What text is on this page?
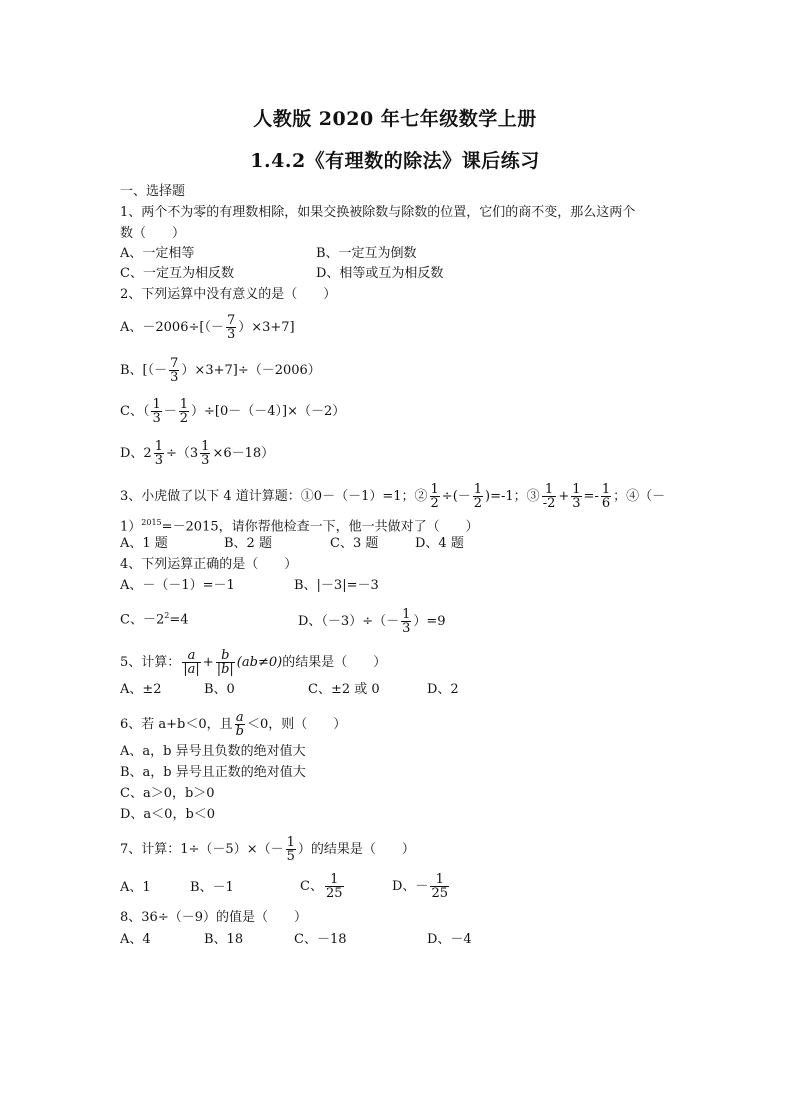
人教版 2020 年七年级数学上册
1.4.2《有理数的除法》课后练习
一、选择题
1、两个不为零的有理数相除，如果交换被除数与除数的位置，它们的商不变，那么这两个
数（　　）
A、一定相等	B、一定互为倒数
C、一定互为相反数	D、相等或互为相反数
2、下列运算中没有意义的是（　　）
A、$-2006\div[(- \frac{7}{3} )\times 3+7]$
B、[（－ $\frac{7}{3} )\times 3+7]\div(-2006)$
C、（ $\frac{1}{3} - \frac{1}{2} )\div[0-(-4)]\times(-2)$
D、$2 \frac{1}{3} \div(3 \frac{1}{3} \times 6-18)$
3、小虎做了以下 4 道计算题：①0－（－1）=1；② $\frac{1}{2}$ ÷(－ $\frac{1}{2} )=-1$；③ $\frac{1}{-2} + \frac{1}{3} =- \frac{1}{6}$ ；④（－
1）$^{2015}$=－2015，请你帮他检查一下，他一共做对了（　　）
A、1 题	B、2 题	C、3 题	D、4 题
4、下列运算正确的是（　　）
A、－（－1）=－1	B、|－3|=－3
C、$-2^2=4$	D、$(-3)\div(- \frac{1}{3} )=9$
5、计算： $\frac{a}{|a|} + \frac{b}{|b|} (ab\ne 0)$的结果是（　　）
A、±2	B、0	C、±2 或 0	D、2
6、若 a+b＜0，且 $\frac{a}{b} <0$，则（　　）
A、a，b 异号且负数的绝对值大
B、a，b 异号且正数的绝对值大
C、a＞0，b＞0
D、a＜0，b＜0
7、计算：$1\div(-5)\times(- \frac{1}{5}$ ）的结果是（　　）
A、1	B、－1	C、 $\frac{1}{25}$	D、－ $\frac{1}{25}$
8、36÷（－9）的值是（　　）
A、4	B、18	C、－18	D、－4
